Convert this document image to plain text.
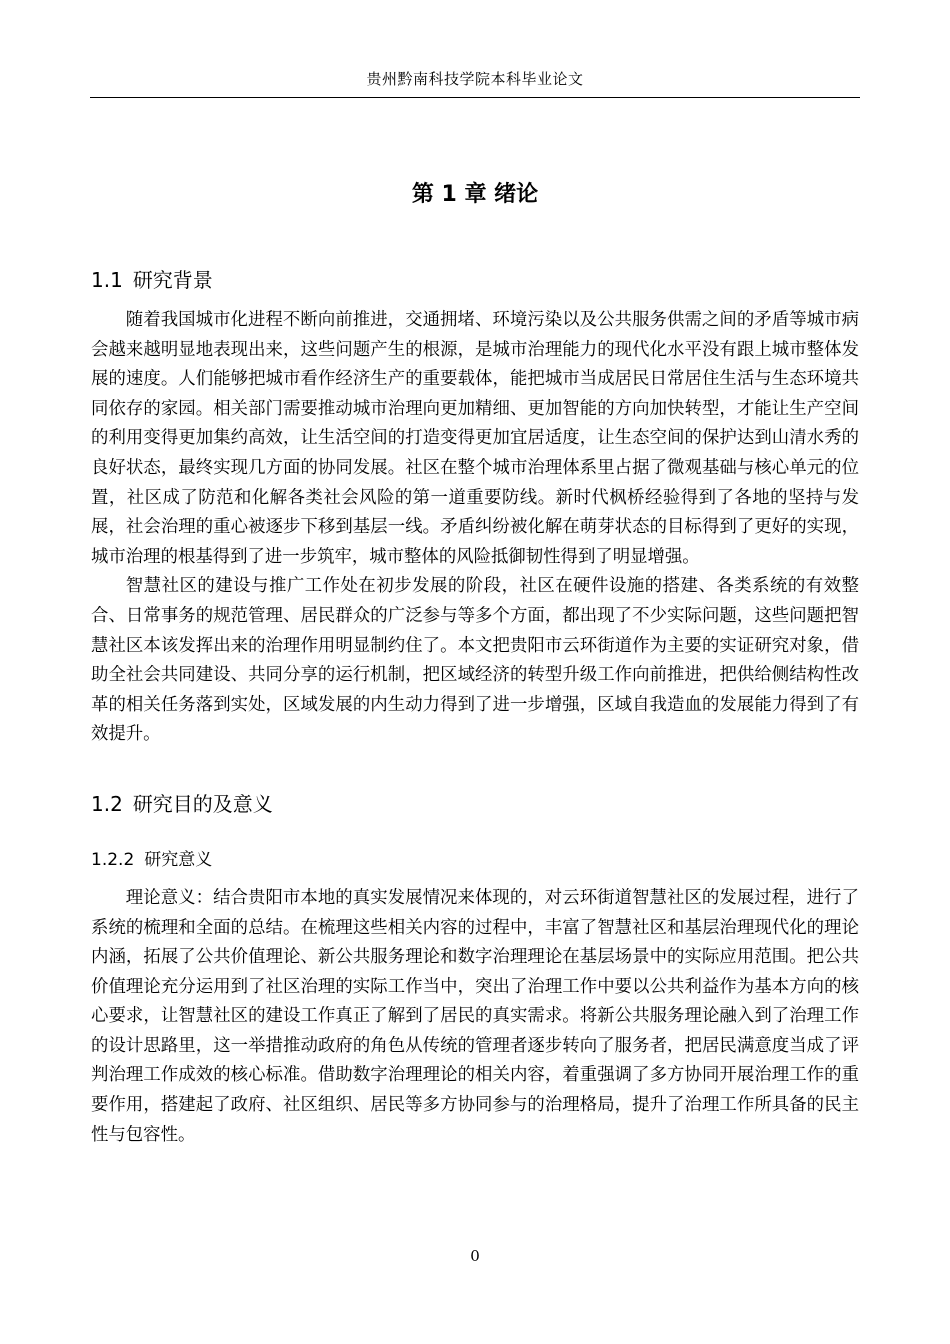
贵州黔南科技学院本科毕业论文
第 1 章 绪论
1.1 研究背景

随着我国城市化进程不断向前推进，交通拥堵、环境污染以及公共服务供需之间的矛盾等城市病会越来越明显地表现出来，这些问题产生的根源，是城市治理能力的现代化水平没有跟上城市整体发展的速度。人们能够把城市看作经济生产的重要载体，能把城市当成居民日常居住生活与生态环境共同依存的家园。相关部门需要推动城市治理向更加精细、更加智能的方向加快转型，才能让生产空间的利用变得更加集约高效，让生活空间的打造变得更加宜居适度，让生态空间的保护达到山清水秀的良好状态，最终实现几方面的协同发展。社区在整个城市治理体系里占据了微观基础与核心单元的位置，社区成了防范和化解各类社会风险的第一道重要防线。新时代枫桥经验得到了各地的坚持与发展，社会治理的重心被逐步下移到基层一线。矛盾纠纷被化解在萌芽状态的目标得到了更好的实现，城市治理的根基得到了进一步筑牢，城市整体的风险抵御韧性得到了明显增强。

智慧社区的建设与推广工作处在初步发展的阶段，社区在硬件设施的搭建、各类系统的有效整合、日常事务的规范管理、居民群众的广泛参与等多个方面，都出现了不少实际问题，这些问题把智慧社区本该发挥出来的治理作用明显制约住了。本文把贵阳市云环街道作为主要的实证研究对象，借助全社会共同建设、共同分享的运行机制，把区域经济的转型升级工作向前推进，把供给侧结构性改革的相关任务落到实处，区域发展的内生动力得到了进一步增强，区域自我造血的发展能力得到了有效提升。

1.2 研究目的及意义
1.2.2 研究意义

理论意义：结合贵阳市本地的真实发展情况来体现的，对云环街道智慧社区的发展过程，进行了系统的梳理和全面的总结。在梳理这些相关内容的过程中，丰富了智慧社区和基层治理现代化的理论内涵，拓展了公共价值理论、新公共服务理论和数字治理理论在基层场景中的实际应用范围。把公共价值理论充分运用到了社区治理的实际工作当中，突出了治理工作中要以公共利益作为基本方向的核心要求，让智慧社区的建设工作真正了解到了居民的真实需求。将新公共服务理论融入到了治理工作的设计思路里，这一举措推动政府的角色从传统的管理者逐步转向了服务者，把居民满意度当成了评判治理工作成效的核心标准。借助数字治理理论的相关内容，着重强调了多方协同开展治理工作的重要作用，搭建起了政府、社区组织、居民等多方协同参与的治理格局，提升了治理工作所具备的民主性与包容性。

0
